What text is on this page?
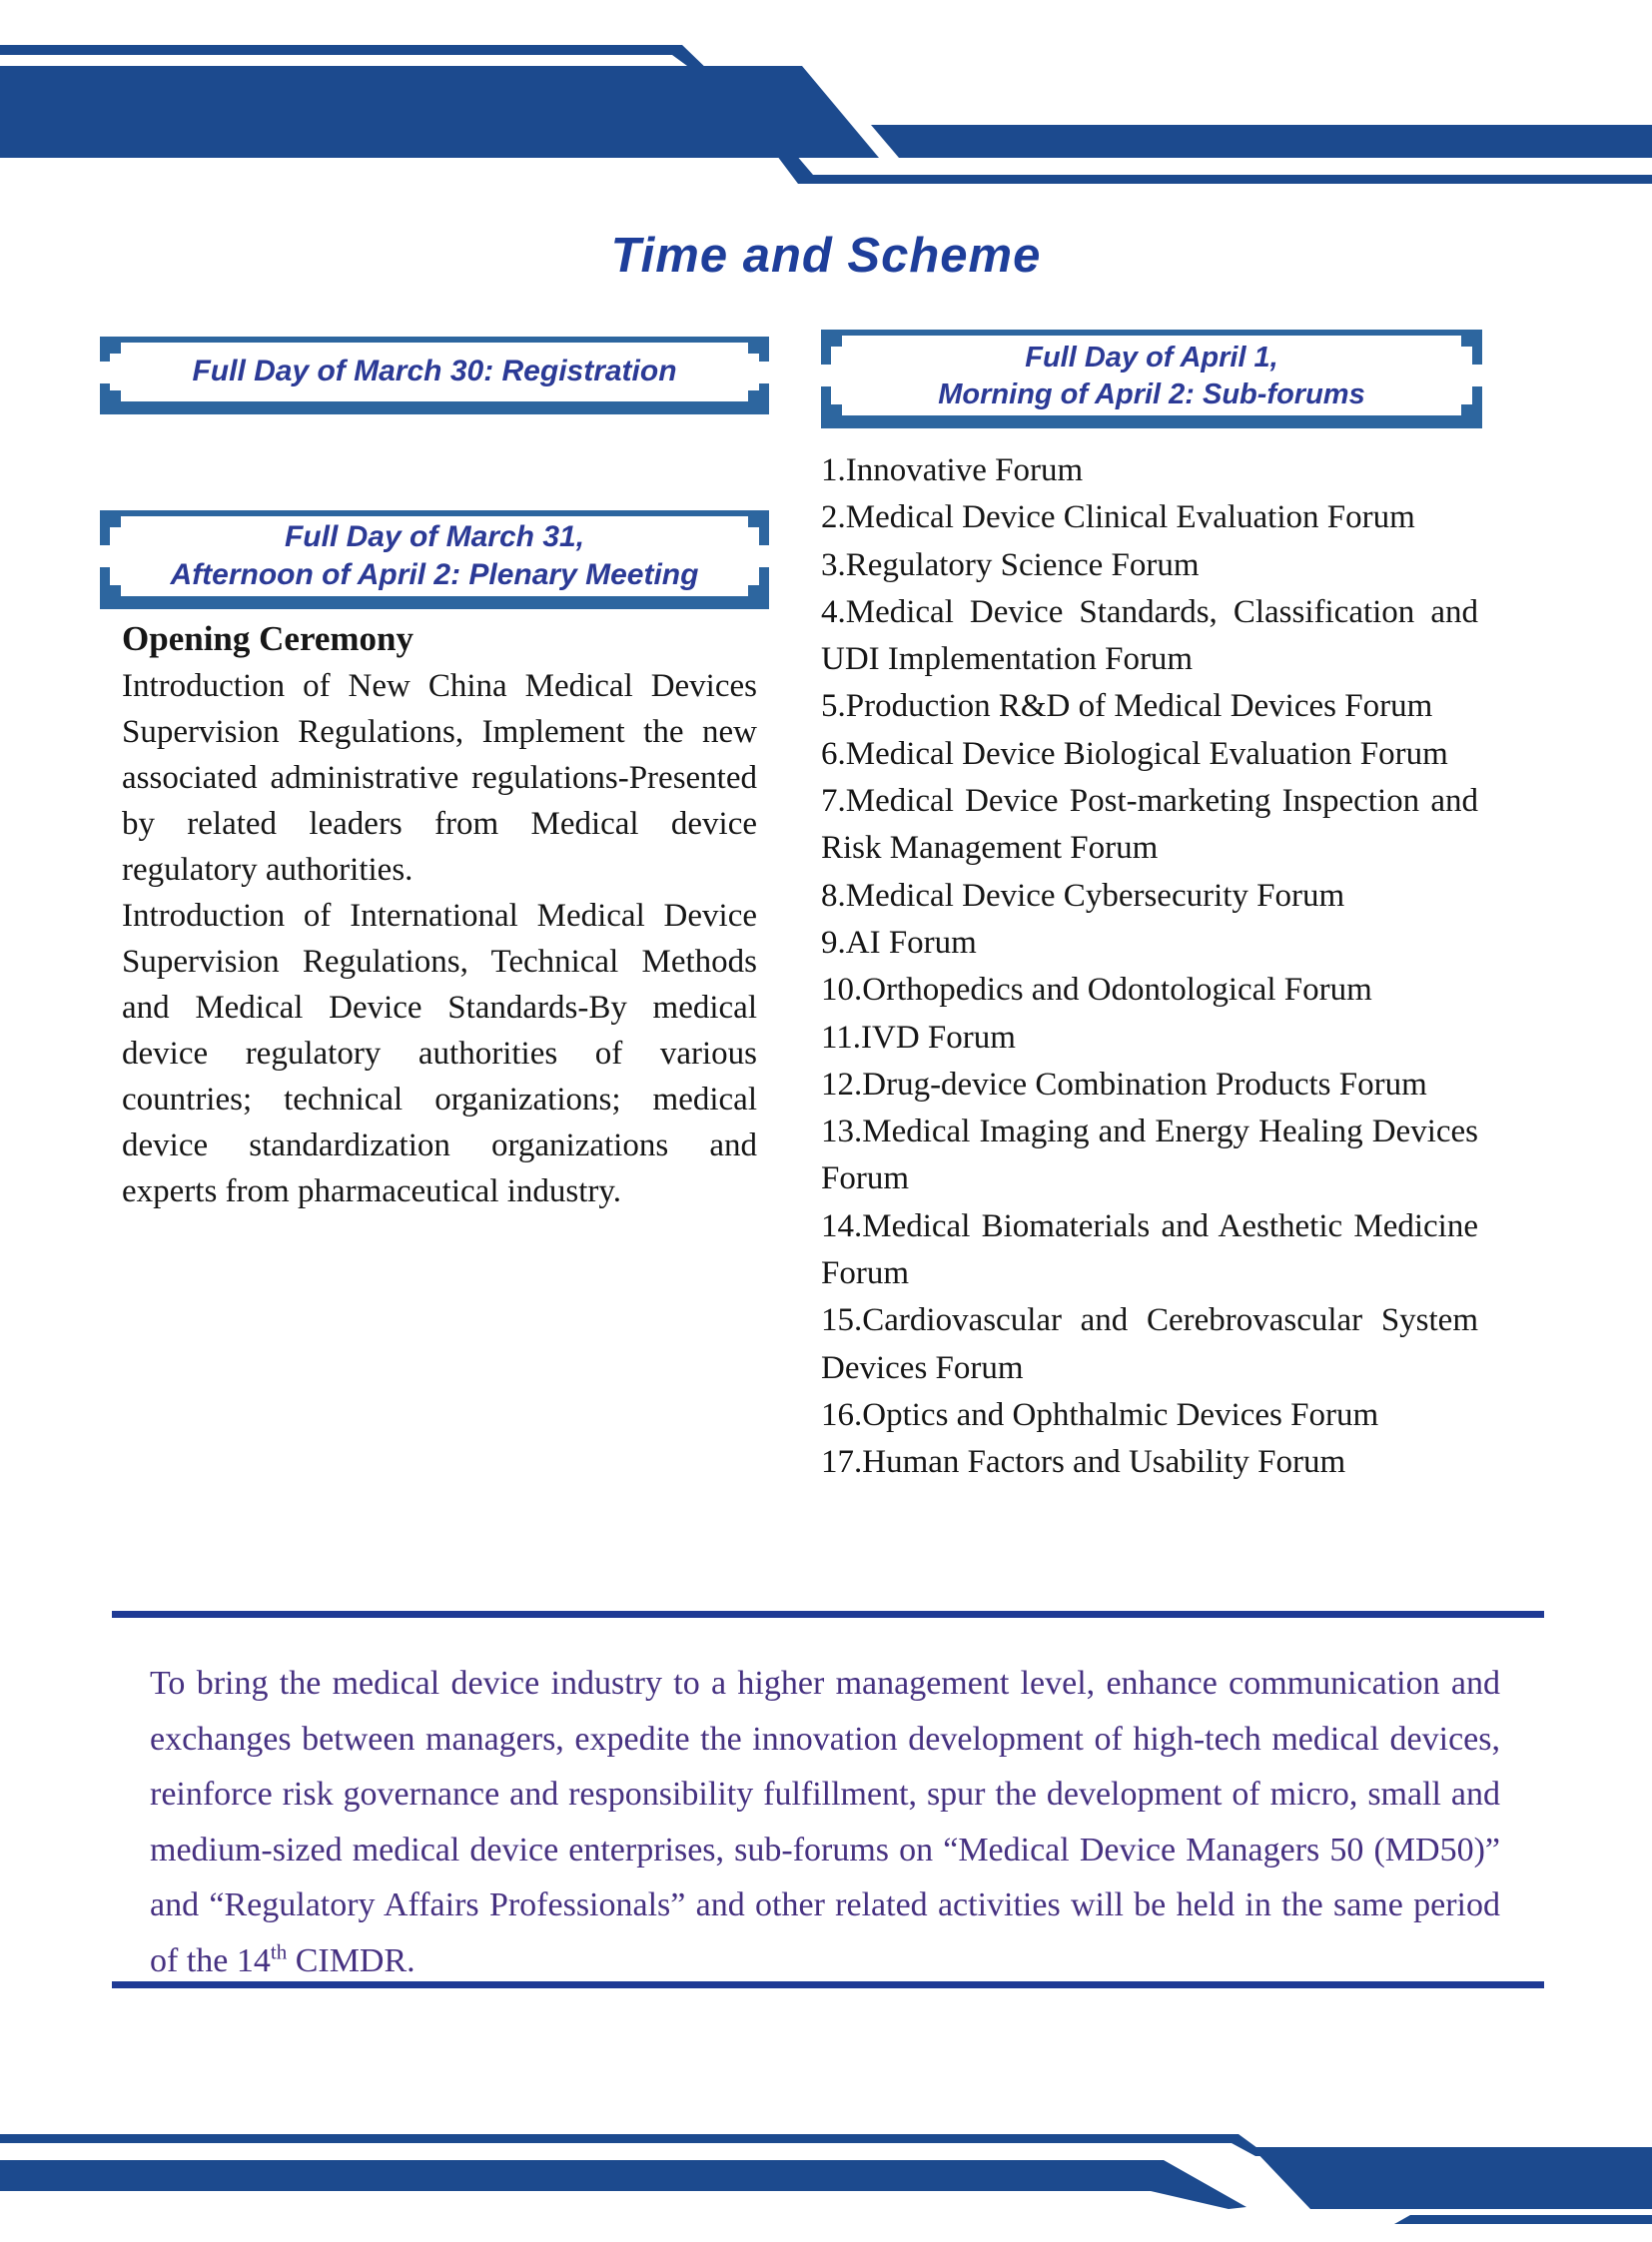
Time and Scheme
Full Day of March 30: Registration	Full Day of April 1,
Morning of April 2: Sub-forums
Full Day of March 31,
Afternoon of April 2: Plenary Meeting
Opening Ceremony

Introduction of New China Medical Devices Supervision Regulations, Implement the new associated administrative regulations-Presented by related leaders from Medical device regulatory authorities.

Introduction of International Medical Device Supervision Regulations, Technical Methods and Medical Device Standards-By medical device regulatory authorities of various countries; technical organizations; medical device standardization organizations and experts from pharmaceutical industry.

1.Innovative Forum
2.Medical Device Clinical Evaluation Forum
3.Regulatory Science Forum
4.Medical Device Standards, Classification and UDI Implementation Forum
5.Production R&D of Medical Devices Forum
6.Medical Device Biological Evaluation Forum
7.Medical Device Post-marketing Inspection and Risk Management Forum
8.Medical Device Cybersecurity Forum
9.AI Forum
10.Orthopedics and Odontological Forum
11.IVD Forum
12.Drug-device Combination Products Forum
13.Medical Imaging and Energy Healing Devices Forum
14.Medical Biomaterials and Aesthetic Medicine Forum
15.Cardiovascular and Cerebrovascular System Devices Forum
16.Optics and Ophthalmic Devices Forum
17.Human Factors and Usability Forum
To bring the medical device industry to a higher management level, enhance communication and exchanges between managers, expedite the innovation development of high-tech medical devices, reinforce risk governance and responsibility fulfillment, spur the development of micro, small and medium-sized medical device enterprises, sub-forums on “Medical Device Managers 50 (MD50)” and “Regulatory Affairs Professionals” and other related activities will be held in the same period of the 14th CIMDR.
